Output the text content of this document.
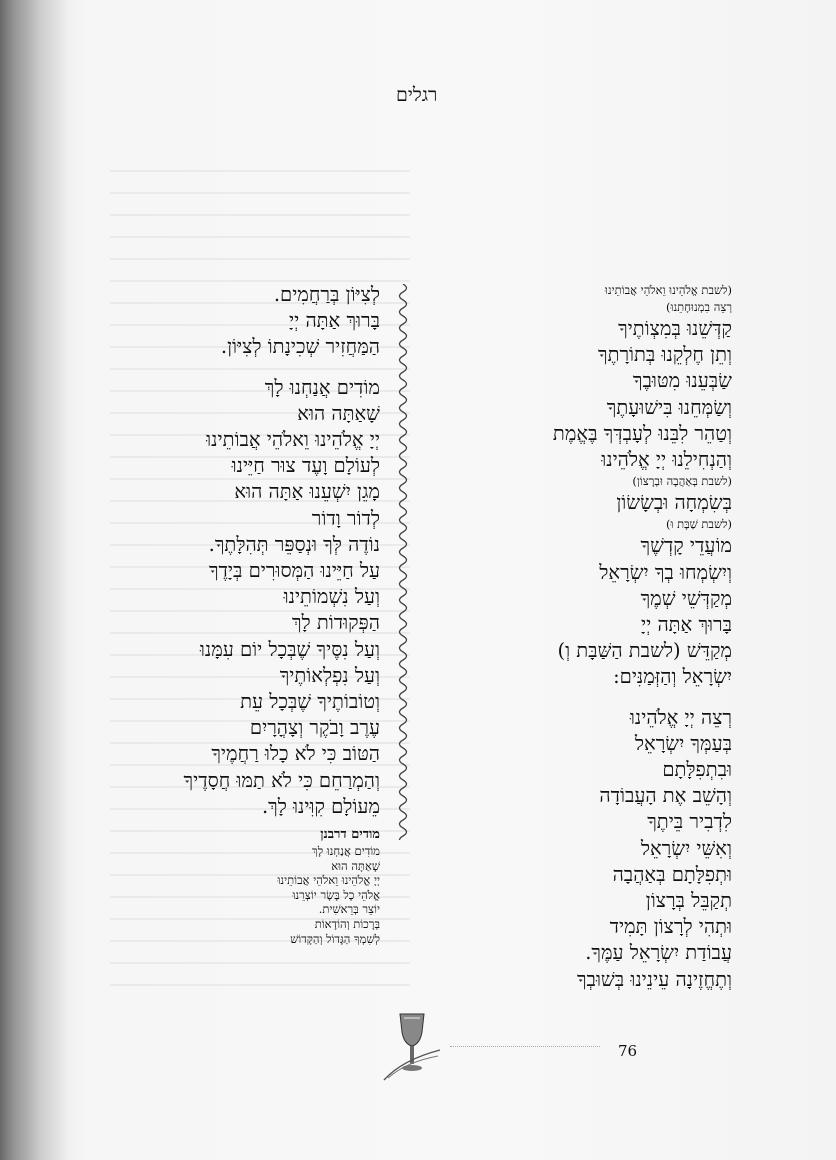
רגלים
(לשבת אֱלֹהֵינוּ וֵאלֹהֵי אֲבוֹתֵינוּ
רְצֵה בִמְנוּחָתֵנוּ)
קַדְּשֵׁנוּ בְּמִצְוֹתֶיךָ
וְתֵן חֶלְקֵנוּ בְּתוֹרָתֶךָ
שַׂבְּעֵנוּ מִטּוּבֶךָ
וְשַׂמְּחֵנוּ בִּישׁוּעָתֶךָ
וְטַהֵר לִבֵּנוּ לְעָבְדְּךָ בֶּאֱמֶת
וְהַנְחִילֵנוּ יְיָ אֱלֹהֵינוּ
(לשבת בְּאַהֲבָה וּבְרָצוֹן)
בְּשִׂמְחָה וּבְשָׂשׂוֹן
(לשבת שַׁבָּת וּ)
מוֹעֲדֵי קָדְשֶׁךָ
וְיִשְׂמְחוּ בְךָ יִשְׂרָאֵל
מְקַדְּשֵׁי שְׁמֶךָ
בָּרוּךְ אַתָּה יְיָ
מְקַדֵּשׁ (לשבת הַשַּׁבָּת וְ)
יִשְׂרָאֵל וְהַזְּמַנִּים:
רְצֵה יְיָ אֱלֹהֵינוּ
בְּעַמְּךָ יִשְׂרָאֵל
וּבִתְפִלָּתָם
וְהָשֵׁב אֶת הָעֲבוֹדָה
לִדְבִיר בֵּיתֶךָ
וְאִשֵּׁי יִשְׂרָאֵל
וּתְפִלָּתָם בְּאַהֲבָה
תְקַבֵּל בְּרָצוֹן
וּתְהִי לְרָצוֹן תָּמִיד
עֲבוֹדַת יִשְׂרָאֵל עַמֶּךָ.
וְתֶחֱזֶינָה עֵינֵינוּ בְּשׁוּבְךָ
לְצִיּוֹן בְּרַחֲמִים.
בָּרוּךְ אַתָּה יְיָ
הַמַּחֲזִיר שְׁכִינָתוֹ לְצִיּוֹן.
מוֹדִים אֲנַחְנוּ לָךְ
שָׁאַתָּה הוּא
יְיָ אֱלֹהֵינוּ וֵאלֹהֵי אֲבוֹתֵינוּ
לְעוֹלָם וָעֶד צוּר חַיֵּינוּ
מָגֵן יִשְׁעֵנוּ אַתָּה הוּא
לְדוֹר וָדוֹר
נוֹדֶה לְּךָ וּנְסַפֵּר תְּהִלָּתֶךָ.
עַל חַיֵּינוּ הַמְּסוּרִים בְּיָדֶךָ
וְעַל נִשְׁמוֹתֵינוּ
הַפְּקוּדוֹת לָךְ
וְעַל נִסֶּיךָ שֶׁבְּכָל יוֹם עִמָּנוּ
וְעַל נִפְלְאוֹתֶיךָ
וְטוֹבוֹתֶיךָ שֶׁבְּכָל עֵת
עֶרֶב וָבֹקֶר וְצָהֳרָיִם
הַטּוֹב כִּי לֹא כָלוּ רַחֲמֶיךָ
וְהַמְרַחֵם כִּי לֹא תַמּוּ חֲסָדֶיךָ
מֵעוֹלָם קִוִּינוּ לָךְ.
מודים דרבנן
מוֹדִים אֲנַחְנוּ לָךְ
שָׁאַתָּה הוּא
יְיָ אֱלֹהֵינוּ וֵאלֹהֵי אֲבוֹתֵינוּ
אֱלֹהֵי כָל בָּשָׂר יוֹצְרֵנוּ
יוֹצֵר בְּרֵאשִׁית.
בְּרָכוֹת וְהוֹדָאוֹת
לְשִׁמְךָ הַגָּדוֹל וְהַקָּדוֹשׁ
76
